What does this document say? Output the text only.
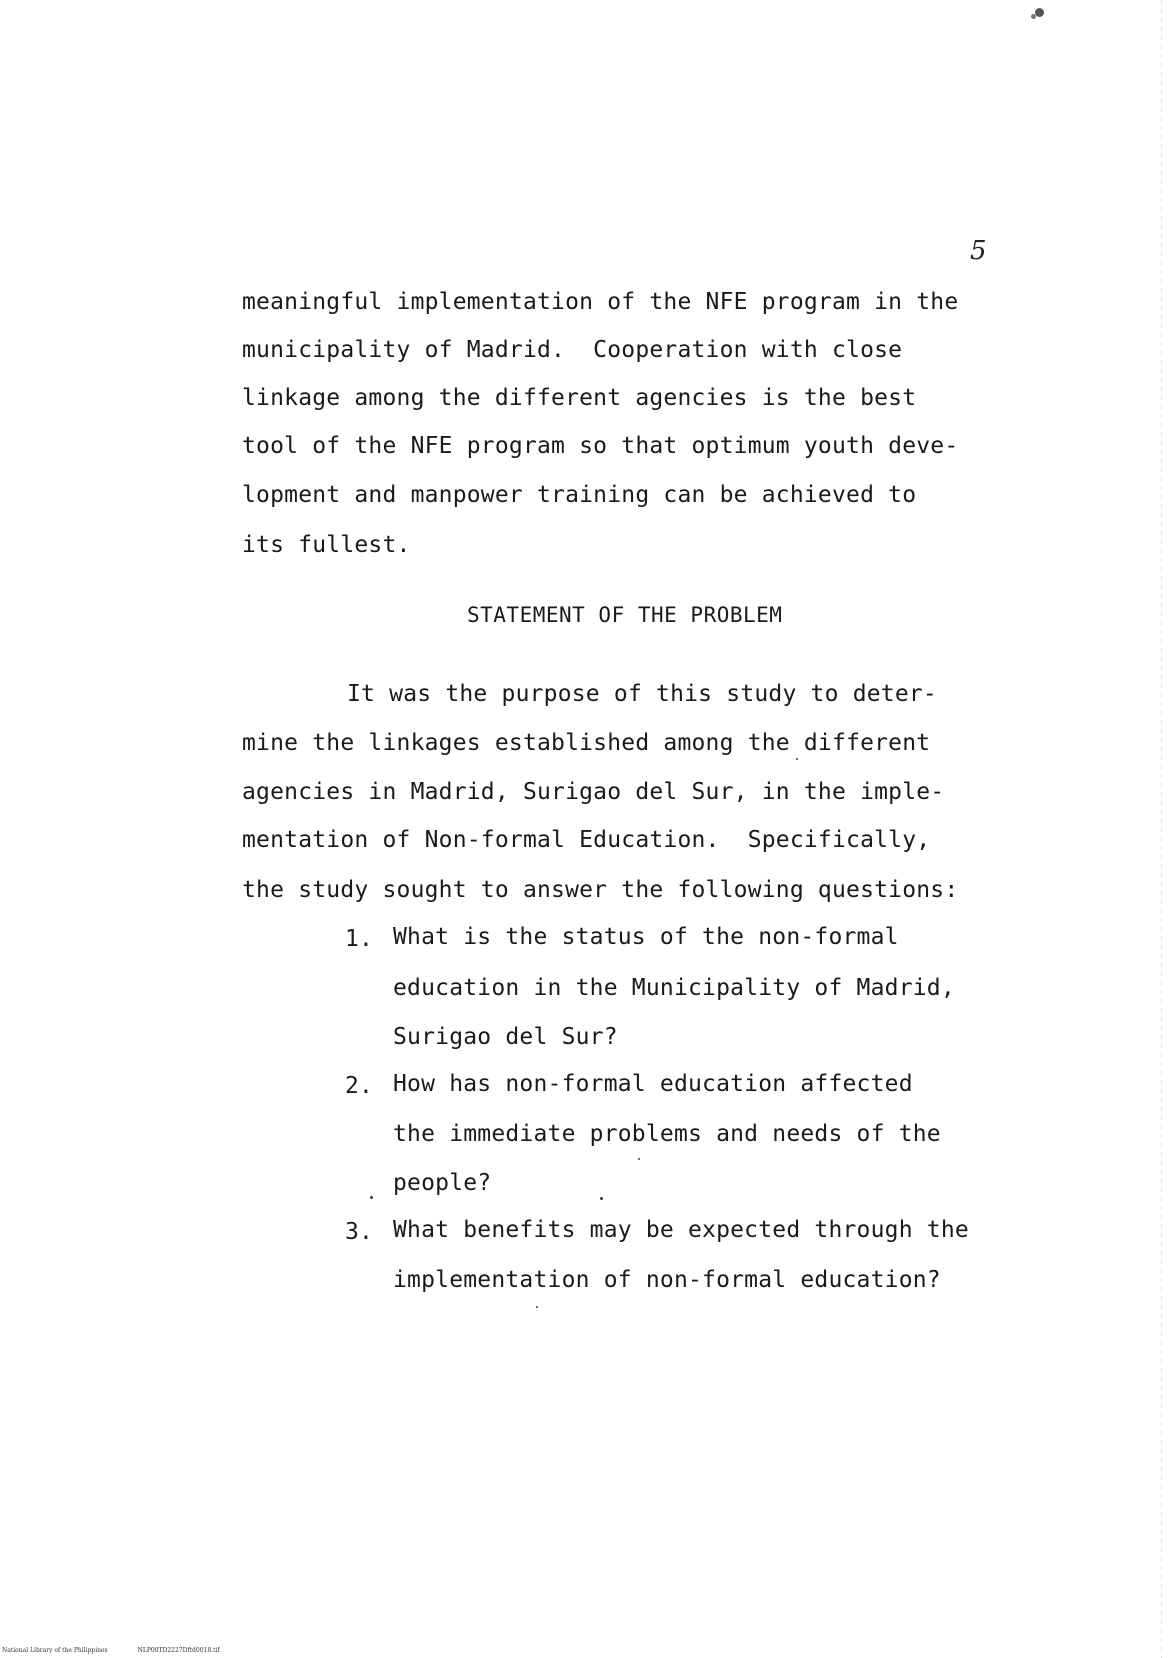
5
meaningful implementation of the NFE program in the
municipality of Madrid.  Cooperation with close
linkage among the different agencies is the best
tool of the NFE program so that optimum youth deve-
lopment and manpower training can be achieved to
its fullest.
STATEMENT OF THE PROBLEM
It was the purpose of this study to deter-
mine the linkages established among the different
agencies in Madrid, Surigao del Sur, in the imple-
mentation of Non-formal Education.  Specifically,
the study sought to answer the following questions:
1. What is the status of the non-formal
education in the Municipality of Madrid,
Surigao del Sur?
2. How has non-formal education affected
the immediate problems and needs of the
people?
3. What benefits may be expected through the
implementation of non-formal education?
National Library of the Philippines	NLP00TD2227Dftd0018.tif
